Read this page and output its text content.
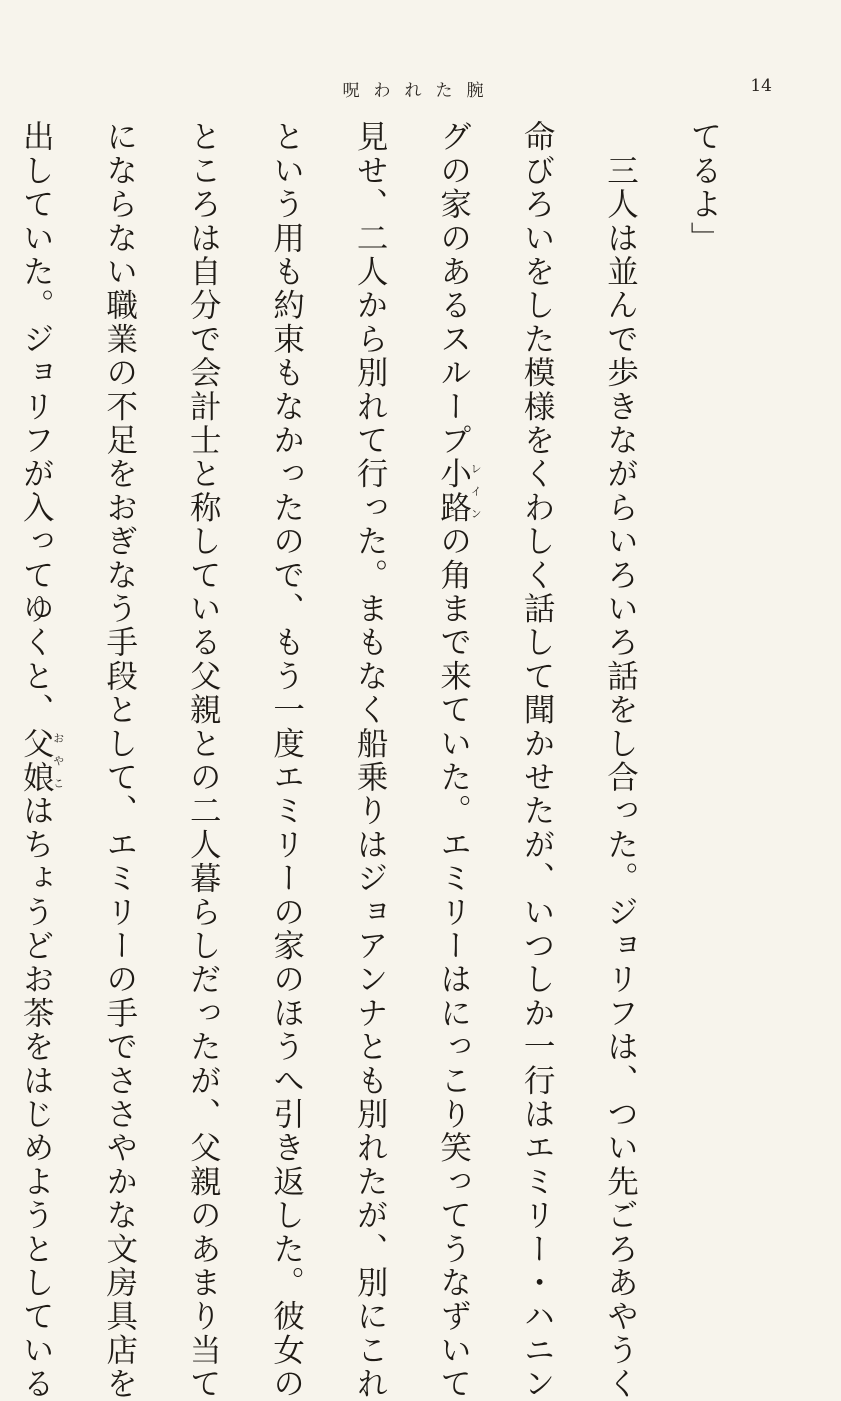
呪われた腕	14
てるよ」
　三人は並んで歩きながらいろいろ話をし合った。ジョリフは、つい先ごろあやうく
命びろいをした模様をくわしく話して聞かせたが、いつしか一行はエミリー・ハニン
グの家のあるスループ小路レインの角まで来ていた。エミリーはにっこり笑ってうなずいて
見せ、二人から別れて行った。まもなく船乗りはジョアンナとも別れたが、別にこれ
という用も約束もなかったので、もう一度エミリーの家のほうへ引き返した。彼女の
ところは自分で会計士と称している父親との二人暮らしだったが、父親のあまり当て
にならない職業の不足をおぎなう手段として、エミリーの手でささやかな文房具店を
出していた。ジョリフが入ってゆくと、父娘おやこはちょうどお茶をはじめようとしている
